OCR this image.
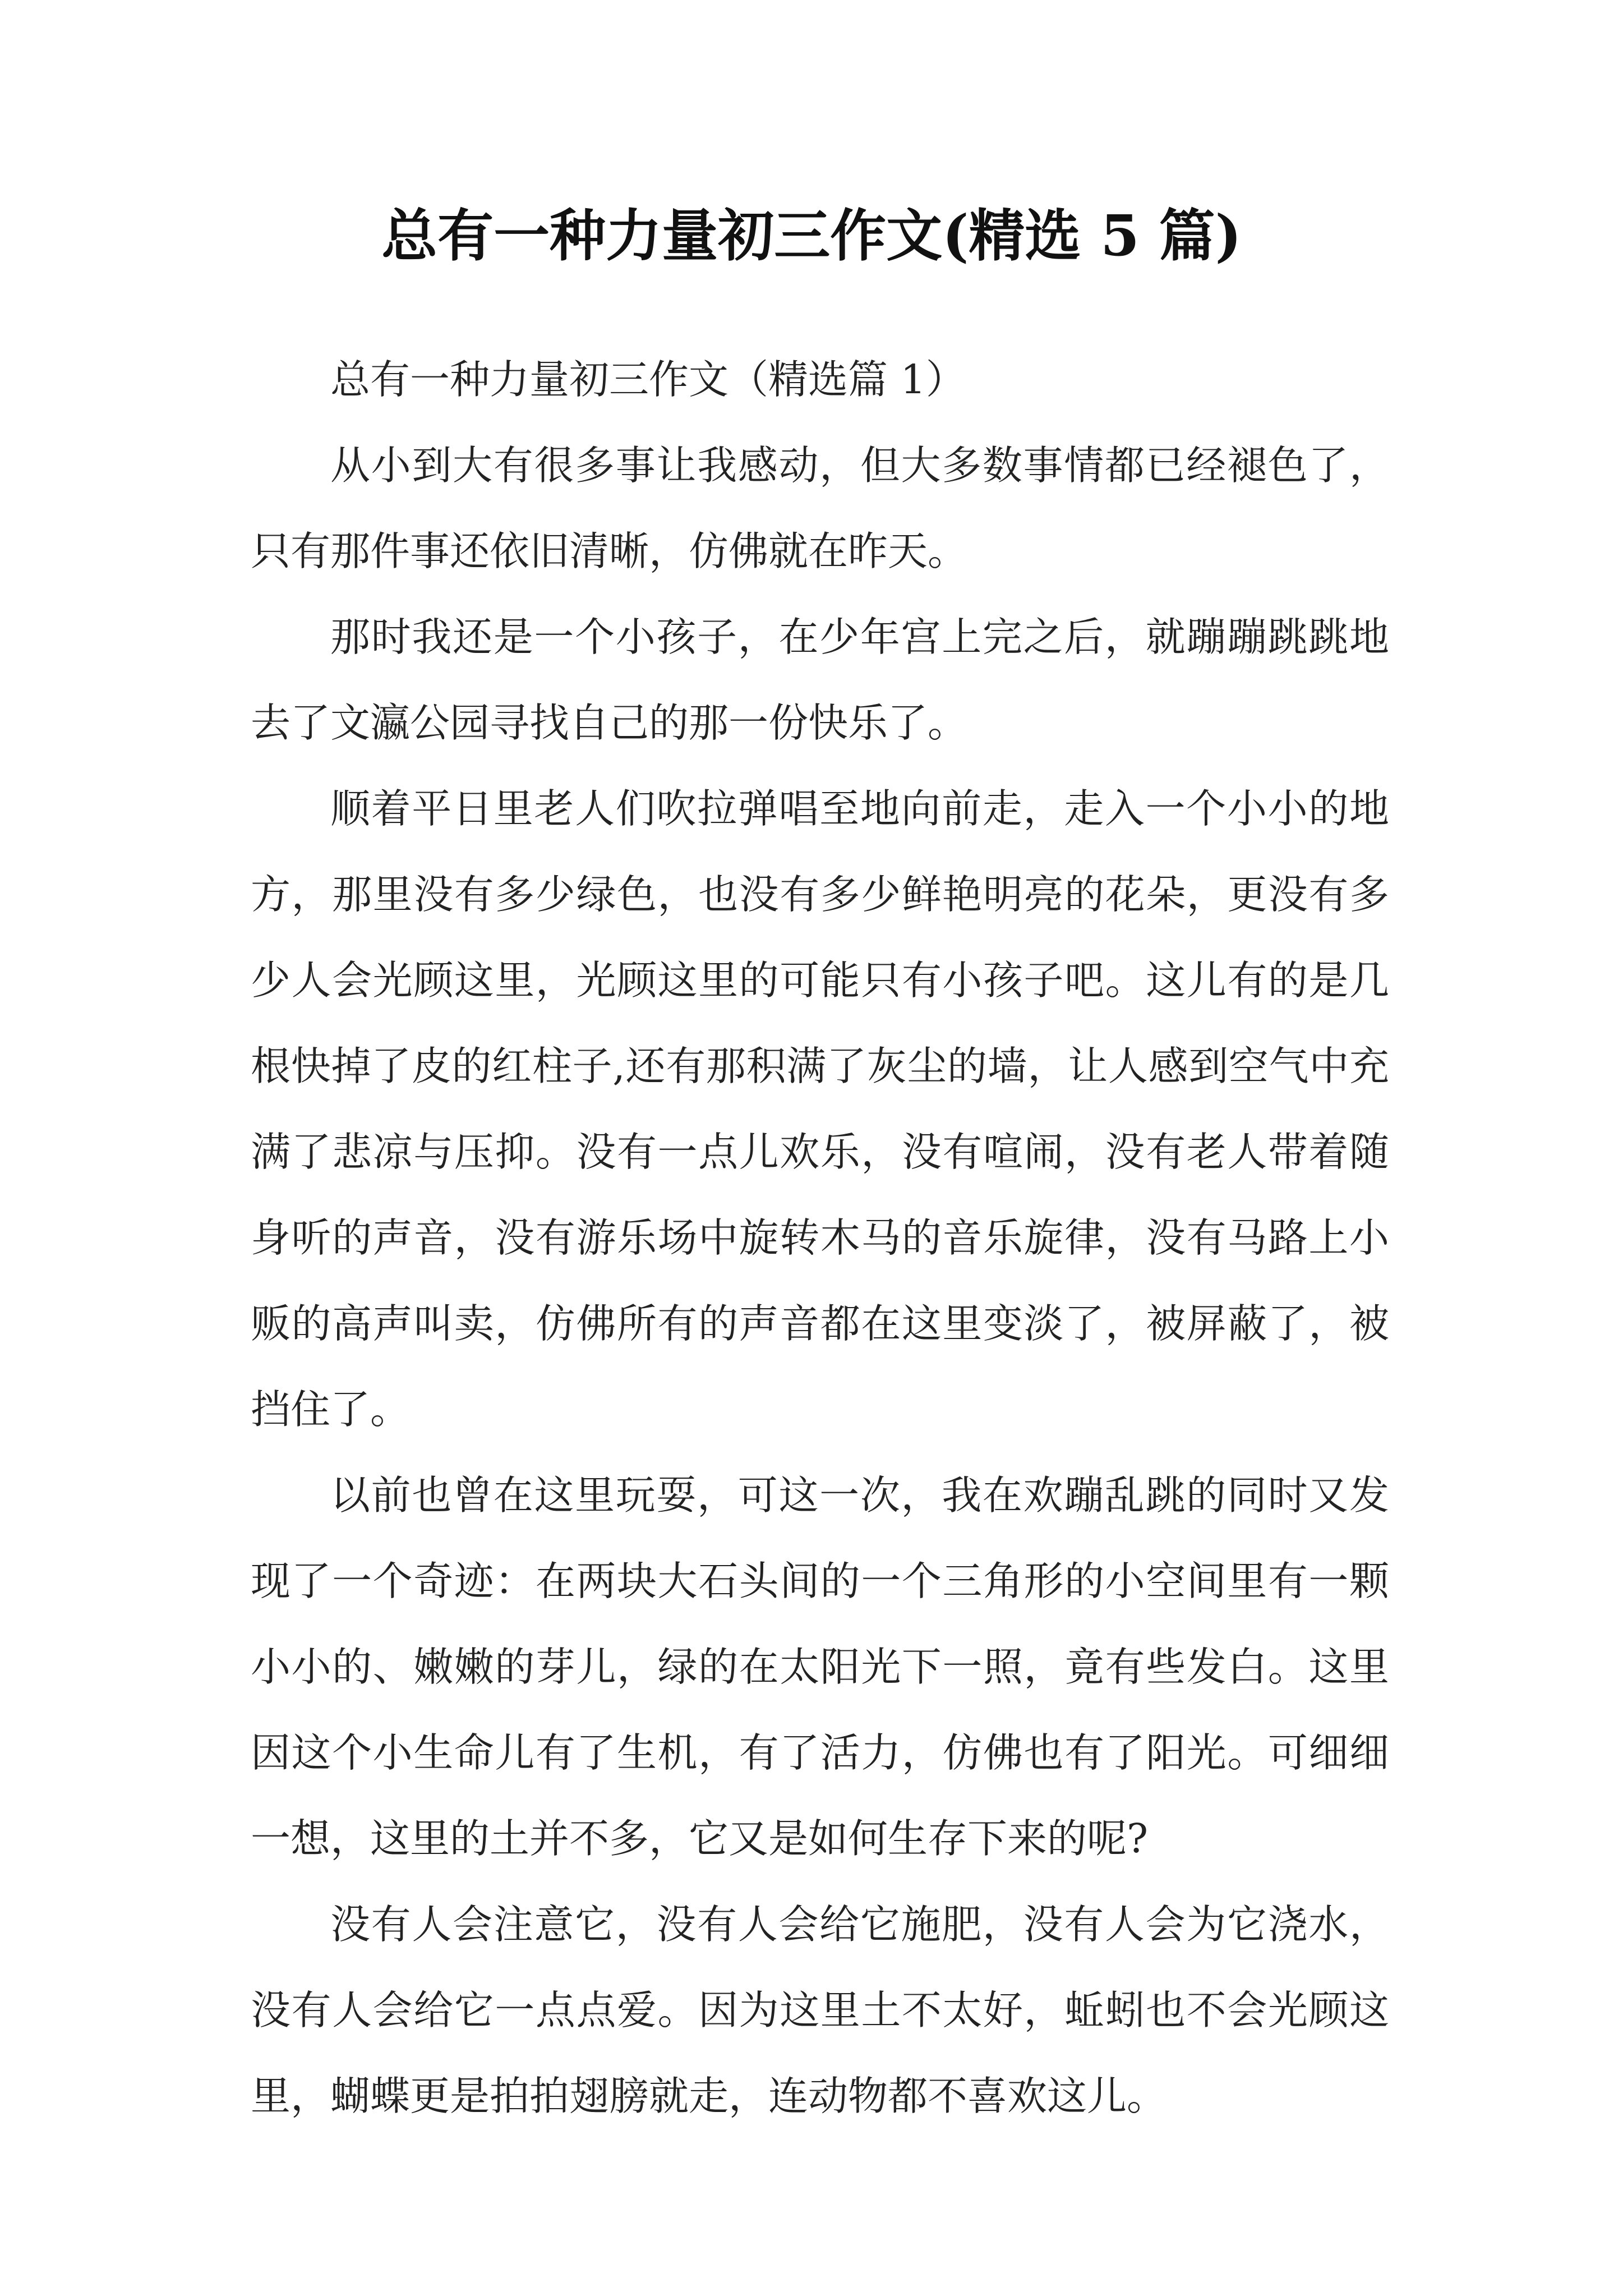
总有一种力量初三作文(精选 5 篇)

总有一种力量初三作文（精选篇 1）

从小到大有很多事让我感动，但大多数事情都已经褪色了，只有那件事还依旧清晰，仿佛就在昨天。

那时我还是一个小孩子，在少年宫上完之后，就蹦蹦跳跳地去了文瀛公园寻找自己的那一份快乐了。

顺着平日里老人们吹拉弹唱至地向前走，走入一个小小的地方，那里没有多少绿色，也没有多少鲜艳明亮的花朵，更没有多少人会光顾这里，光顾这里的可能只有小孩子吧。这儿有的是几根快掉了皮的红柱子,还有那积满了灰尘的墙，让人感到空气中充满了悲凉与压抑。没有一点儿欢乐，没有喧闹，没有老人带着随身听的声音，没有游乐场中旋转木马的音乐旋律，没有马路上小贩的高声叫卖，仿佛所有的声音都在这里变淡了，被屏蔽了，被挡住了。

以前也曾在这里玩耍，可这一次，我在欢蹦乱跳的同时又发现了一个奇迹：在两块大石头间的一个三角形的小空间里有一颗小小的、嫩嫩的芽儿，绿的在太阳光下一照，竟有些发白。这里因这个小生命儿有了生机，有了活力，仿佛也有了阳光。可细细一想，这里的土并不多，它又是如何生存下来的呢?

没有人会注意它，没有人会给它施肥，没有人会为它浇水，没有人会给它一点点爱。因为这里土不太好，蚯蚓也不会光顾这里，蝴蝶更是拍拍翅膀就走，连动物都不喜欢这儿。
